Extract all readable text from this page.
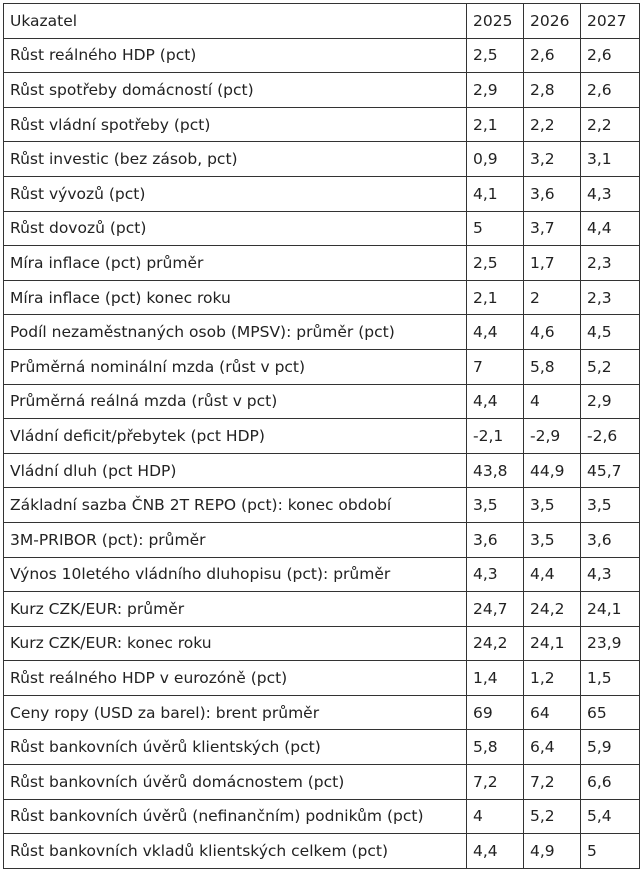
Ukazatel	2025	2026	2027
Růst reálného HDP (pct)	2,5	2,6	2,6
Růst spotřeby domácností (pct)	2,9	2,8	2,6
Růst vládní spotřeby (pct)	2,1	2,2	2,2
Růst investic (bez zásob, pct)	0,9	3,2	3,1
Růst vývozů (pct)	4,1	3,6	4,3
Růst dovozů (pct)	5	3,7	4,4
Míra inflace (pct) průměr	2,5	1,7	2,3
Míra inflace (pct) konec roku	2,1	2	2,3
Podíl nezaměstnaných osob (MPSV): průměr (pct)	4,4	4,6	4,5
Průměrná nominální mzda (růst v pct)	7	5,8	5,2
Průměrná reálná mzda (růst v pct)	4,4	4	2,9
Vládní deficit/přebytek (pct HDP)	-2,1	-2,9	-2,6
Vládní dluh (pct HDP)	43,8	44,9	45,7
Základní sazba ČNB 2T REPO (pct): konec období	3,5	3,5	3,5
3M-PRIBOR (pct): průměr	3,6	3,5	3,6
Výnos 10letého vládního dluhopisu (pct): průměr	4,3	4,4	4,3
Kurz CZK/EUR: průměr	24,7	24,2	24,1
Kurz CZK/EUR: konec roku	24,2	24,1	23,9
Růst reálného HDP v eurozóně (pct)	1,4	1,2	1,5
Ceny ropy (USD za barel): brent průměr	69	64	65
Růst bankovních úvěrů klientských (pct)	5,8	6,4	5,9
Růst bankovních úvěrů domácnostem (pct)	7,2	7,2	6,6
Růst bankovních úvěrů (nefinančním) podnikům (pct)	4	5,2	5,4
Růst bankovních vkladů klientských celkem (pct)	4,4	4,9	5
